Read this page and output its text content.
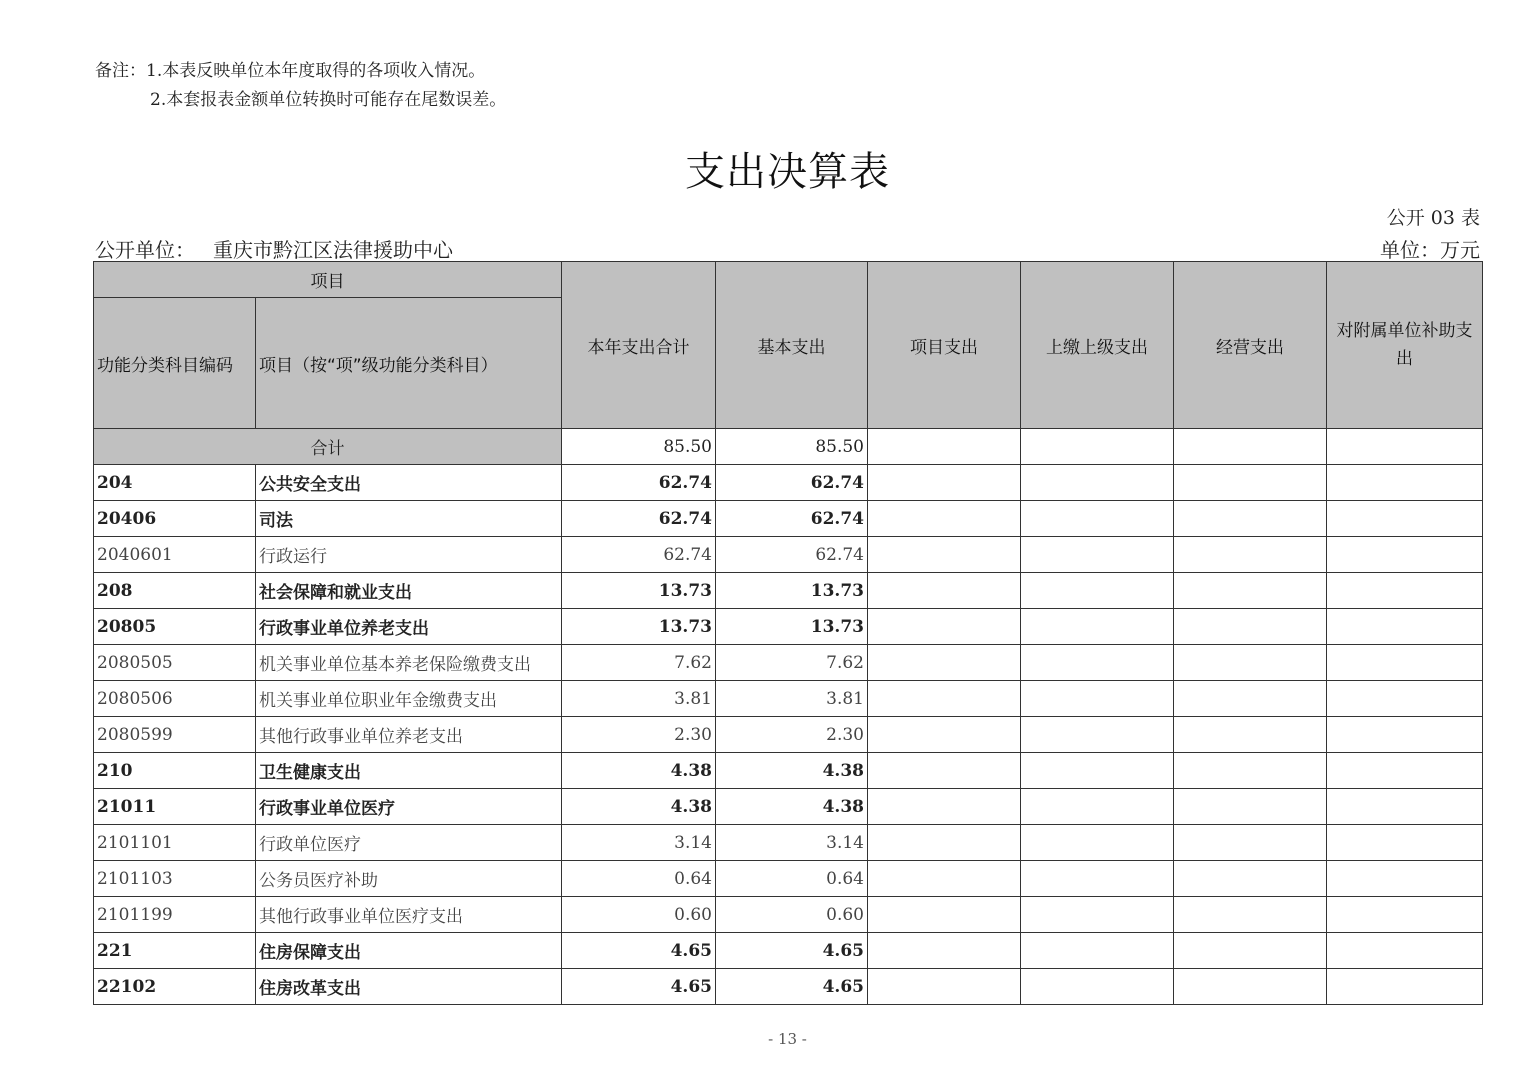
备注：1.本表反映单位本年度取得的各项收入情况。
2.本套报表金额单位转换时可能存在尾数误差。
支出决算表
公开 03 表
公开单位： 重庆市黔江区法律援助中心	单位：万元
项目		本年支出合计	基本支出	项目支出	上缴上级支出	经营支出	对附属单位补助支出
功能分类科目编码	项目（按“项”级功能分类科目）						
合计		85.50	85.50				
204	公共安全支出	62.74	62.74				
20406	司法	62.74	62.74				
2040601	行政运行	62.74	62.74				
208	社会保障和就业支出	13.73	13.73				
20805	行政事业单位养老支出	13.73	13.73				
2080505	机关事业单位基本养老保险缴费支出	7.62	7.62				
2080506	机关事业单位职业年金缴费支出	3.81	3.81				
2080599	其他行政事业单位养老支出	2.30	2.30				
210	卫生健康支出	4.38	4.38				
21011	行政事业单位医疗	4.38	4.38				
2101101	行政单位医疗	3.14	3.14				
2101103	公务员医疗补助	0.64	0.64				
2101199	其他行政事业单位医疗支出	0.60	0.60				
221	住房保障支出	4.65	4.65				
22102	住房改革支出	4.65	4.65				
- 13 -
